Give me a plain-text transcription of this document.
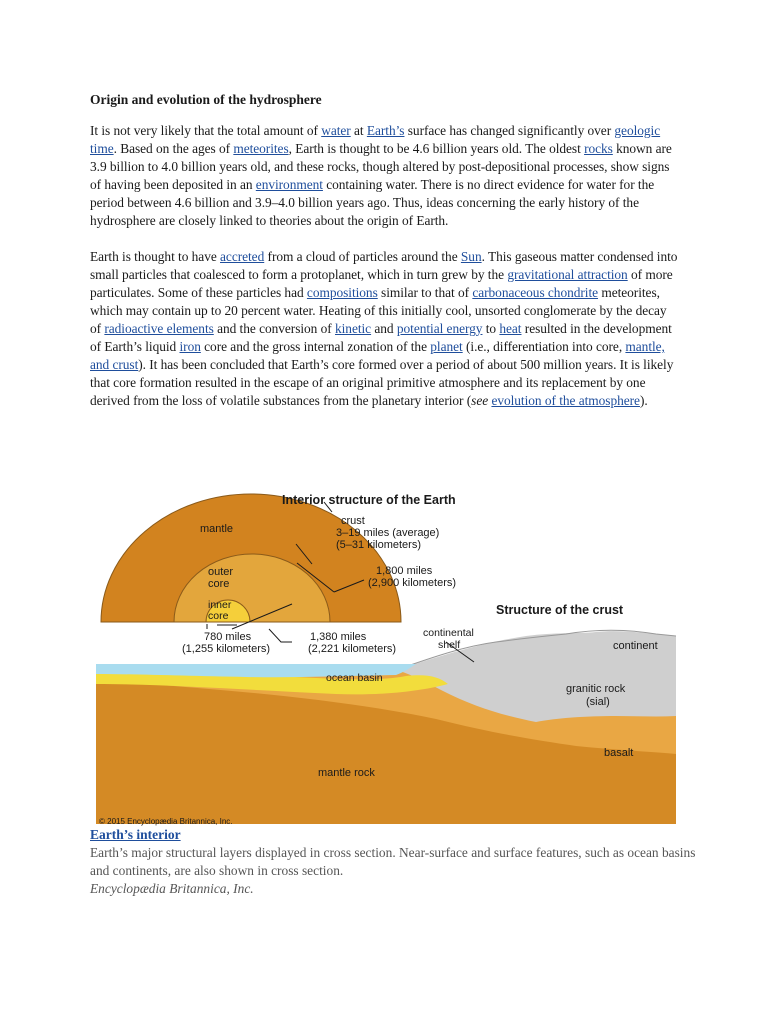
Origin and evolution of the hydrosphere

It is not very likely that the total amount of water at Earth’s surface has changed significantly over geologic time. Based on the ages of meteorites, Earth is thought to be 4.6 billion years old. The oldest rocks known are 3.9 billion to 4.0 billion years old, and these rocks, though altered by post-depositional processes, show signs of having been deposited in an environment containing water. There is no direct evidence for water for the period between 4.6 billion and 3.9–4.0 billion years ago. Thus, ideas concerning the early history of the hydrosphere are closely linked to theories about the origin of Earth.

Earth is thought to have accreted from a cloud of particles around the Sun. This gaseous matter condensed into small particles that coalesced to form a protoplanet, which in turn grew by the gravitational attraction of more particulates. Some of these particles had compositions similar to that of carbonaceous chondrite meteorites, which may contain up to 20 percent water. Heating of this initially cool, unsorted conglomerate by the decay of radioactive elements and the conversion of kinetic and potential energy to heat resulted in the development of Earth’s liquid iron core and the gross internal zonation of the planet (i.e., differentiation into core, mantle, and crust). It has been concluded that Earth’s core formed over a period of about 500 million years. It is likely that core formation resulted in the escape of an original primitive atmosphere and its replacement by one derived from the loss of volatile substances from the planetary interior (see evolution of the atmosphere).

Interior structure of the Earth
Structure of the crust
mantle
outer
core
inner
core
crust
3–19 miles (average)
(5–31 kilometers)
1,800 miles
(2,900 kilometers)
780 miles
(1,255 kilometers)
1,380 miles
(2,221 kilometers)
continental
shelf	continent
ocean basin
granitic rock
(sial)
basalt
mantle rock
© 2015 Encyclopædia Britannica, Inc.
Earth’s interior

Earth’s major structural layers displayed in cross section. Near-surface and surface features, such as ocean basins and continents, are also shown in cross section.

Encyclopædia Britannica, Inc.
